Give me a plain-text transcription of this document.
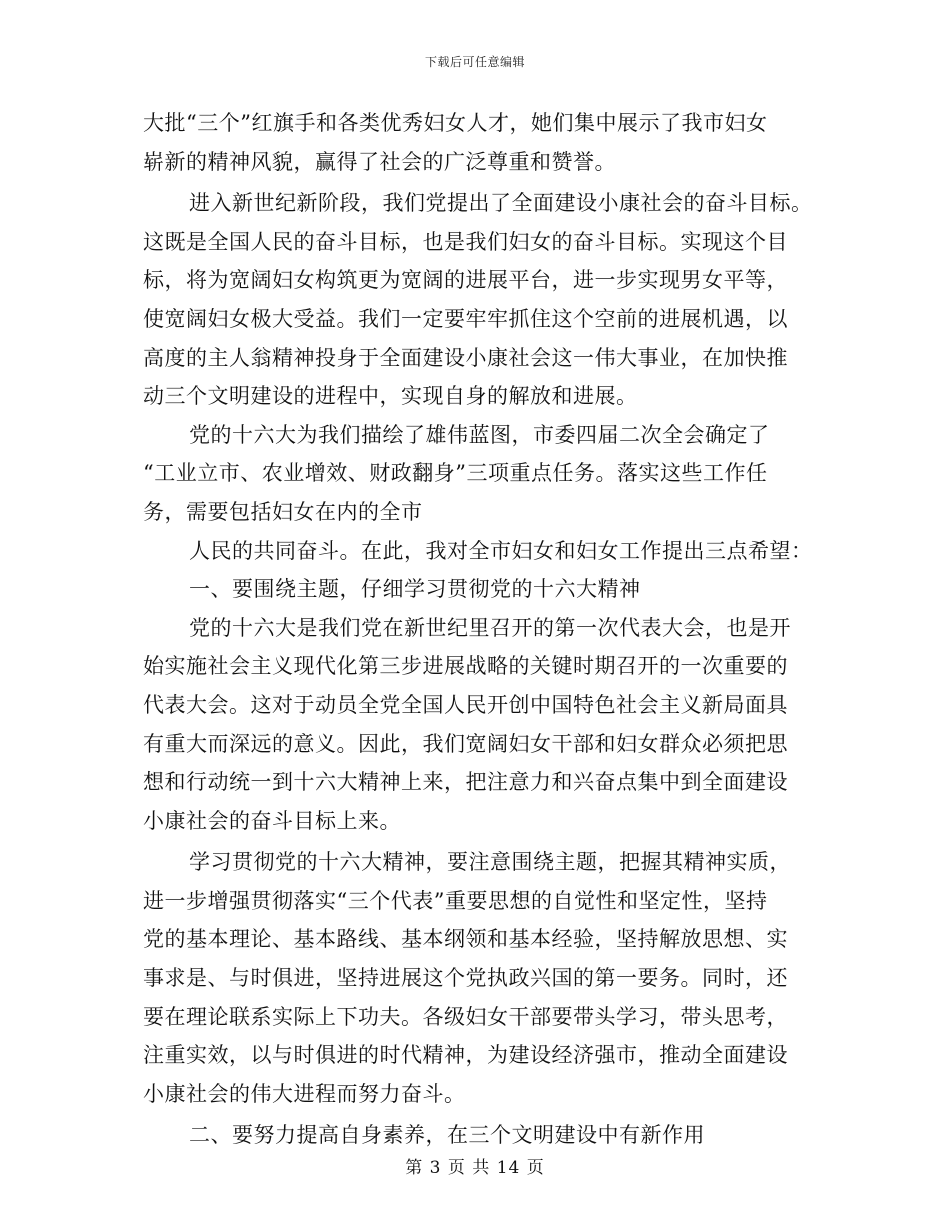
下载后可任意编辑

大批“三个”红旗手和各类优秀妇女人才，她们集中展示了我市妇女

崭新的精神风貌，赢得了社会的广泛尊重和赞誉。

进入新世纪新阶段，我们党提出了全面建设小康社会的奋斗目标。

这既是全国人民的奋斗目标，也是我们妇女的奋斗目标。实现这个目

标，将为宽阔妇女构筑更为宽阔的进展平台，进一步实现男女平等，

使宽阔妇女极大受益。我们一定要牢牢抓住这个空前的进展机遇，以

高度的主人翁精神投身于全面建设小康社会这一伟大事业，在加快推

动三个文明建设的进程中，实现自身的解放和进展。

党的十六大为我们描绘了雄伟蓝图，市委四届二次全会确定了

“工业立市、农业增效、财政翻身”三项重点任务。落实这些工作任

务，需要包括妇女在内的全市

人民的共同奋斗。在此，我对全市妇女和妇女工作提出三点希望：

一、要围绕主题，仔细学习贯彻党的十六大精神

党的十六大是我们党在新世纪里召开的第一次代表大会，也是开

始实施社会主义现代化第三步进展战略的关键时期召开的一次重要的

代表大会。这对于动员全党全国人民开创中国特色社会主义新局面具

有重大而深远的意义。因此，我们宽阔妇女干部和妇女群众必须把思

想和行动统一到十六大精神上来，把注意力和兴奋点集中到全面建设

小康社会的奋斗目标上来。

学习贯彻党的十六大精神，要注意围绕主题，把握其精神实质，

进一步增强贯彻落实“三个代表”重要思想的自觉性和坚定性，坚持

党的基本理论、基本路线、基本纲领和基本经验，坚持解放思想、实

事求是、与时俱进，坚持进展这个党执政兴国的第一要务。同时，还

要在理论联系实际上下功夫。各级妇女干部要带头学习，带头思考，

注重实效，以与时俱进的时代精神，为建设经济强市，推动全面建设

小康社会的伟大进程而努力奋斗。

二、要努力提高自身素养，在三个文明建设中有新作用

第 3 页 共 14 页
